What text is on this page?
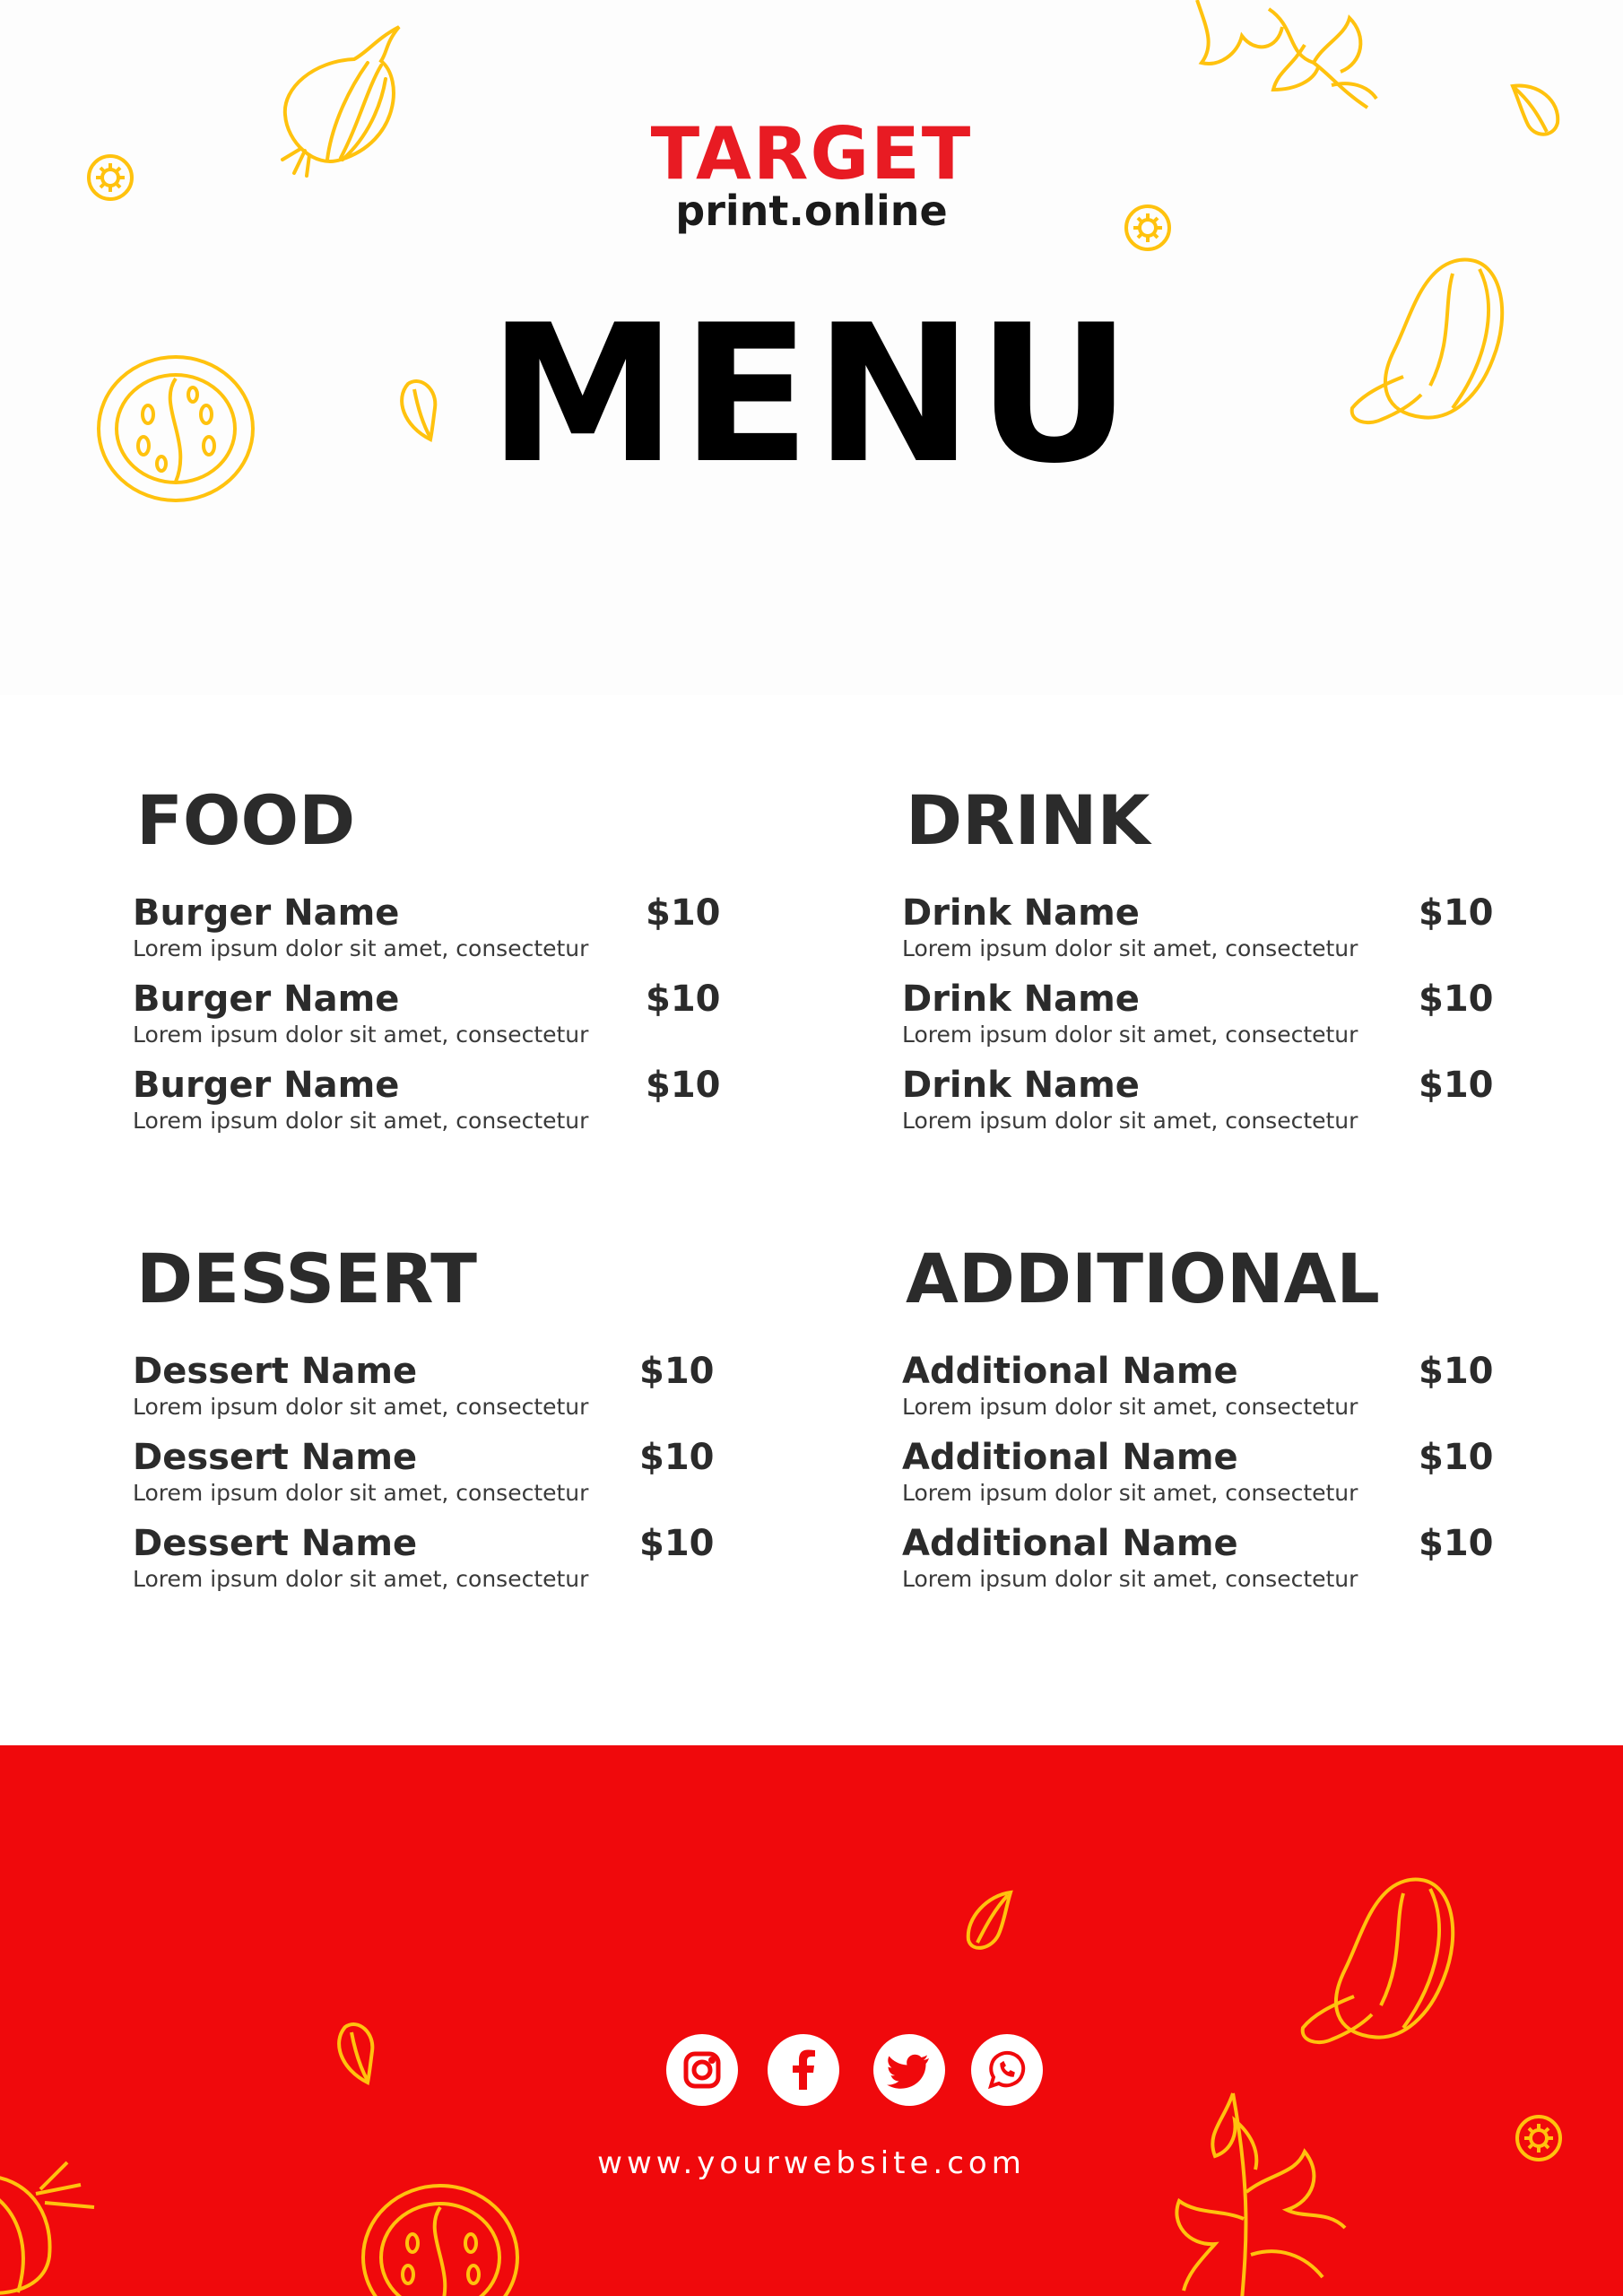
TARGET
print.online
MENU
FOOD
Burger Name	$10
Lorem ipsum dolor sit amet, consectetur
Burger Name	$10
Lorem ipsum dolor sit amet, consectetur
Burger Name	$10
Lorem ipsum dolor sit amet, consectetur
DRINK
Drink Name	$10
Lorem ipsum dolor sit amet, consectetur
Drink Name	$10
Lorem ipsum dolor sit amet, consectetur
Drink Name	$10
Lorem ipsum dolor sit amet, consectetur
DESSERT
Dessert Name	$10
Lorem ipsum dolor sit amet, consectetur
Dessert Name	$10
Lorem ipsum dolor sit amet, consectetur
Dessert Name	$10
Lorem ipsum dolor sit amet, consectetur
ADDITIONAL
Additional Name	$10
Lorem ipsum dolor sit amet, consectetur
Additional Name	$10
Lorem ipsum dolor sit amet, consectetur
Additional Name	$10
Lorem ipsum dolor sit amet, consectetur
www.yourwebsite.com
